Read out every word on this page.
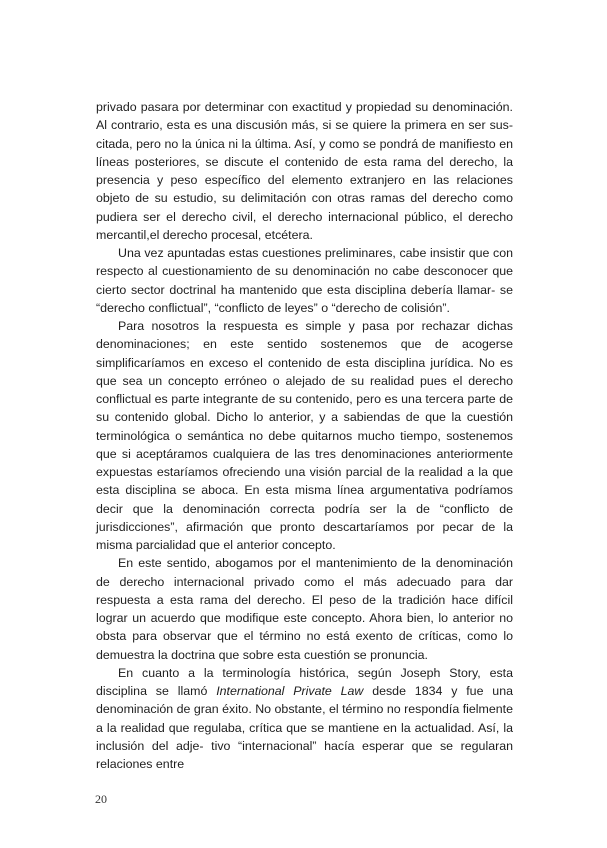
privado pasara por determinar con exactitud y propiedad su denominación. Al contrario, esta es una discusión más, si se quiere la primera en ser sus- citada, pero no la única ni la última. Así, y como se pondrá de manifiesto en líneas posteriores, se discute el contenido de esta rama del derecho, la presencia y peso específico del elemento extranjero en las relaciones objeto de su estudio, su delimitación con otras ramas del derecho como pudiera ser el derecho civil, el derecho internacional público, el derecho mercantil,el derecho procesal, etcétera.

Una vez apuntadas estas cuestiones preliminares, cabe insistir que con respecto al cuestionamiento de su denominación no cabe desconocer que cierto sector doctrinal ha mantenido que esta disciplina debería llamar- se “derecho conflictual”, “conflicto de leyes” o “derecho de colisión”.

Para nosotros la respuesta es simple y pasa por rechazar dichas denominaciones; en este sentido sostenemos que de acogerse simplificaríamos en exceso el contenido de esta disciplina jurídica. No es que sea un concepto erróneo o alejado de su realidad pues el derecho conflictual es parte integrante de su contenido, pero es una tercera parte de su contenido global. Dicho lo anterior, y a sabiendas de que la cuestión terminológica o semántica no debe quitarnos mucho tiempo, sostenemos que si aceptáramos cualquiera de las tres denominaciones anteriormente expuestas estaríamos ofreciendo una visión parcial de la realidad a la que esta disciplina se aboca. En esta misma línea argumentativa podríamos decir que la denominación correcta podría ser la de “conflicto de jurisdicciones”, afirmación que pronto descartaríamos por pecar de la misma parcialidad que el anterior concepto.

En este sentido, abogamos por el mantenimiento de la denominación de derecho internacional privado como el más adecuado para dar respuesta a esta rama del derecho. El peso de la tradición hace difícil lograr un acuerdo que modifique este concepto. Ahora bien, lo anterior no obsta para observar que el término no está exento de críticas, como lo demuestra la doctrina que sobre esta cuestión se pronuncia.

En cuanto a la terminología histórica, según Joseph Story, esta disciplina se llamó International Private Law desde 1834 y fue una denominación de gran éxito. No obstante, el término no respondía fielmente a la realidad que regulaba, crítica que se mantiene en la actualidad. Así, la inclusión del adje- tivo “internacional” hacía esperar que se regularan relaciones entre

20
